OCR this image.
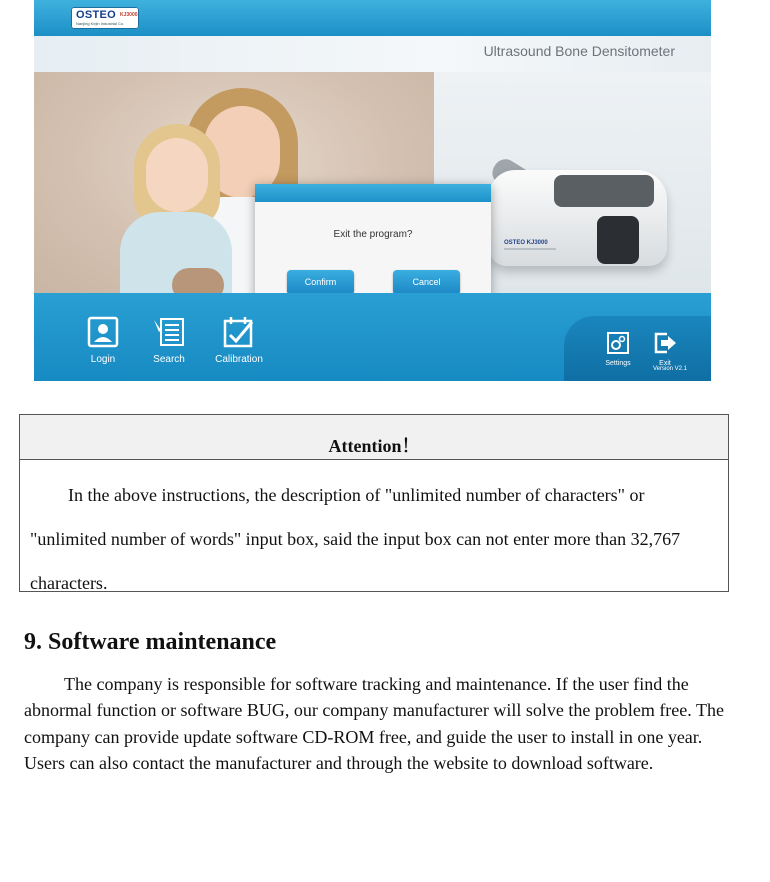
OSTEO KJ3000
Nanjing Kejin Industrial Co.
Ultrasound Bone Densitometer
OSTEO KJ3000
Exit the program?
Confirm	Cancel
Login	Search	Calibration	Settings	Exit
Version V2.1
Attention！
In the above instructions, the description of "unlimited number of characters" or "unlimited number of words" input box, said the input box can not enter more than 32,767 characters.
9. Software maintenance
The company is responsible for software tracking and maintenance. If the user find the abnormal function or software BUG, our company manufacturer will solve the problem free. The company can provide update software CD-ROM free, and guide the user to install in one year. Users can also contact the manufacturer and through the website to download software.
